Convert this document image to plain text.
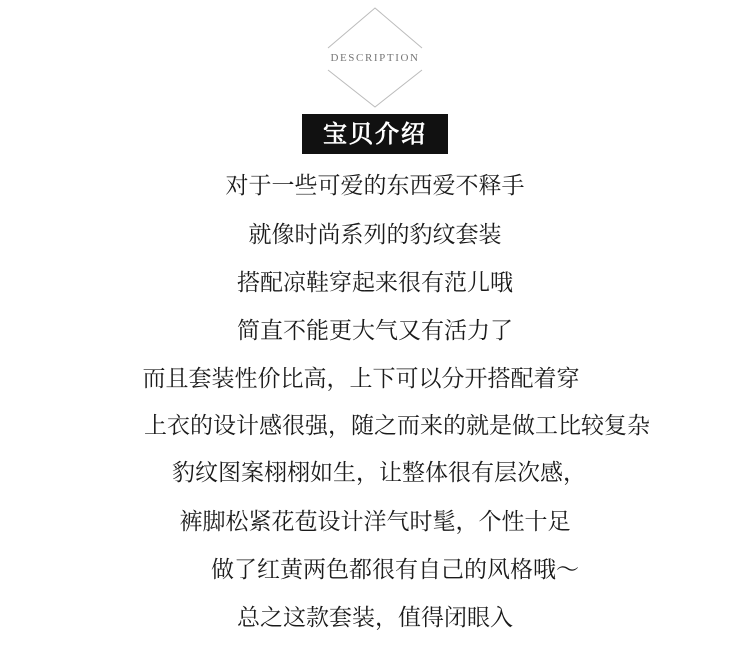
DESCRIPTION
宝贝介绍
对于一些可爱的东西爱不释手
就像时尚系列的豹纹套装
搭配凉鞋穿起来很有范儿哦
简直不能更大气又有活力了
而且套装性价比高，上下可以分开搭配着穿
上衣的设计感很强，随之而来的就是做工比较复杂
豹纹图案栩栩如生，让整体很有层次感，
裤脚松紧花苞设计洋气时髦，个性十足
做了红黄两色都很有自己的风格哦～
总之这款套装，值得闭眼入
